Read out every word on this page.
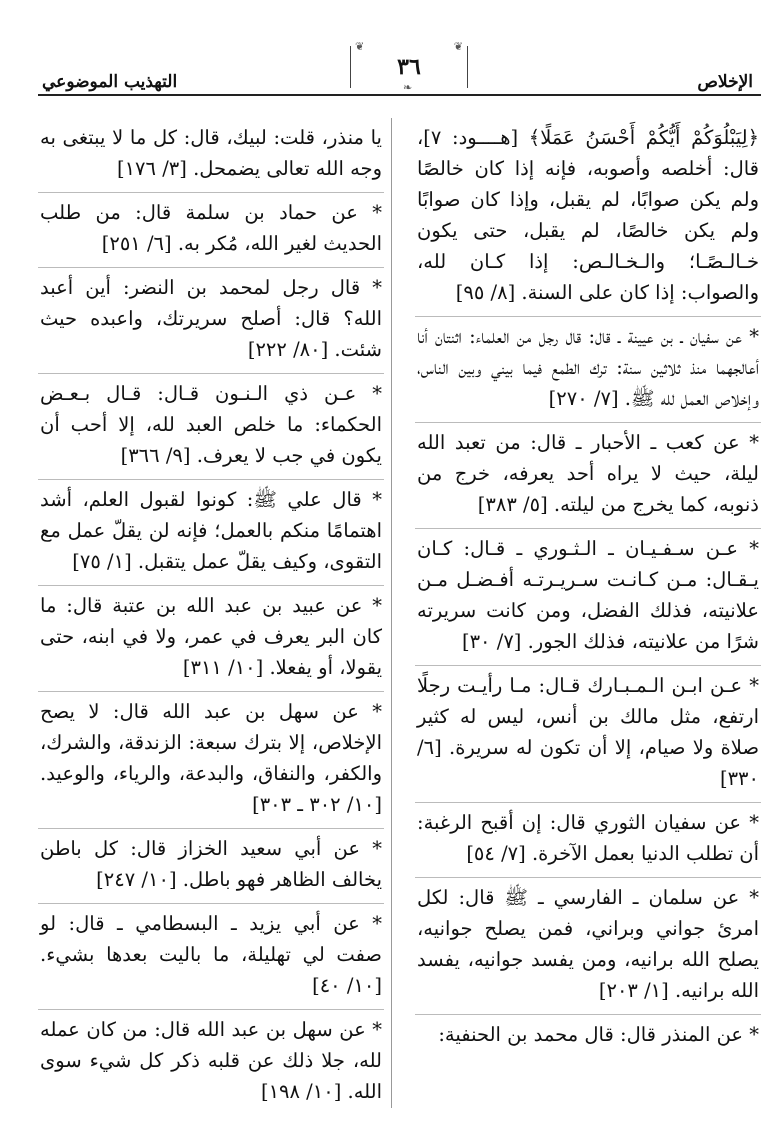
الإخلاص
❦
٣٦
❦
❧
التهذيب الموضوعي
﴿لِيَبْلُوَكُمْ أَيُّكُمْ أَحْسَنُ عَمَلًا﴾ [هــــود: ٧]، قال: أخلصه وأصوبه، فإنه إذا كان خالصًا ولم يكن صوابًا، لم يقبل، وإذا كان صوابًا ولم يكن خالصًا، لم يقبل، حتى يكون خـالـصًـا؛ والـخـالـص: إذا كـان لله، والصواب: إذا كان على السنة. [٨/ ٩٥]
* عن سفيان ـ بن عيينة ـ قال: قال رجل من العلماء: اثنتان أنا أعالجهما منذ ثلاثين سنة: ترك الطمع فيما بيني وبين الناس، وإخلاص العمل لله ﷺ. [٧/ ٢٧٠]
* عن كعب ـ الأحبار ـ قال: من تعبد الله ليلة، حيث لا يراه أحد يعرفه، خرج من ذنوبه، كما يخرج من ليلته. [٥/ ٣٨٣]
* عـن سـفـيـان ـ الـثـوري ـ قـال: كـان يـقـال: مـن كـانـت سـريـرتـه أفـضـل مـن علانيته، فذلك الفضل، ومن كانت سريرته شرًا من علانيته، فذلك الجور. [٧/ ٣٠]
* عـن ابـن الـمـبـارك قـال: مـا رأيـت رجلًا ارتفع، مثل مالك بن أنس، ليس له كثير صلاة ولا صيام، إلا أن تكون له سريرة. [٦/ ٣٣٠]
* عن سفيان الثوري قال: إن أقبح الرغبة: أن تطلب الدنيا بعمل الآخرة. [٧/ ٥٤]
* عن سلمان ـ الفارسي ـ ﷺ قال: لكل امرئ جواني وبراني، فمن يصلح جوانيه، يصلح الله برانيه، ومن يفسد جوانيه، يفسد الله برانيه. [١/ ٢٠٣]
* عن المنذر قال: قال محمد بن الحنفية:
يا منذر، قلت: لبيك، قال: كل ما لا يبتغى به وجه الله تعالى يضمحل. [٣/ ١٧٦]
* عن حماد بن سلمة قال: من طلب الحديث لغير الله، مُكر به. [٦/ ٢٥١]
* قال رجل لمحمد بن النضر: أين أعبد الله؟ قال: أصلح سريرتك، واعبده حيث شئت. [٨٠/ ٢٢٢]
* عـن ذي الـنـون قـال: قـال بـعـض الحكماء: ما خلص العبد لله، إلا أحب أن يكون في جب لا يعرف. [٩/ ٣٦٦]
* قال علي ﷺ: كونوا لقبول العلم، أشد اهتمامًا منكم بالعمل؛ فإنه لن يقلّ عمل مع التقوى، وكيف يقلّ عمل يتقبل. [١/ ٧٥]
* عن عبيد بن عبد الله بن عتبة قال: ما كان البر يعرف في عمر، ولا في ابنه، حتى يقولا، أو يفعلا. [١٠/ ٣١١]
* عن سهل بن عبد الله قال: لا يصح الإخلاص، إلا بترك سبعة: الزندقة، والشرك، والكفر، والنفاق، والبدعة، والرياء، والوعيد. [١٠/ ٣٠٢ ـ ٣٠٣]
* عن أبي سعيد الخزاز قال: كل باطن يخالف الظاهر فهو باطل. [١٠/ ٢٤٧]
* عن أبي يزيد ـ البسطامي ـ قال: لو صفت لي تهليلة، ما باليت بعدها بشيء. [١٠/ ٤٠]
* عن سهل بن عبد الله قال: من كان عمله لله، جلا ذلك عن قلبه ذكر كل شيء سوى الله. [١٠/ ١٩٨]
